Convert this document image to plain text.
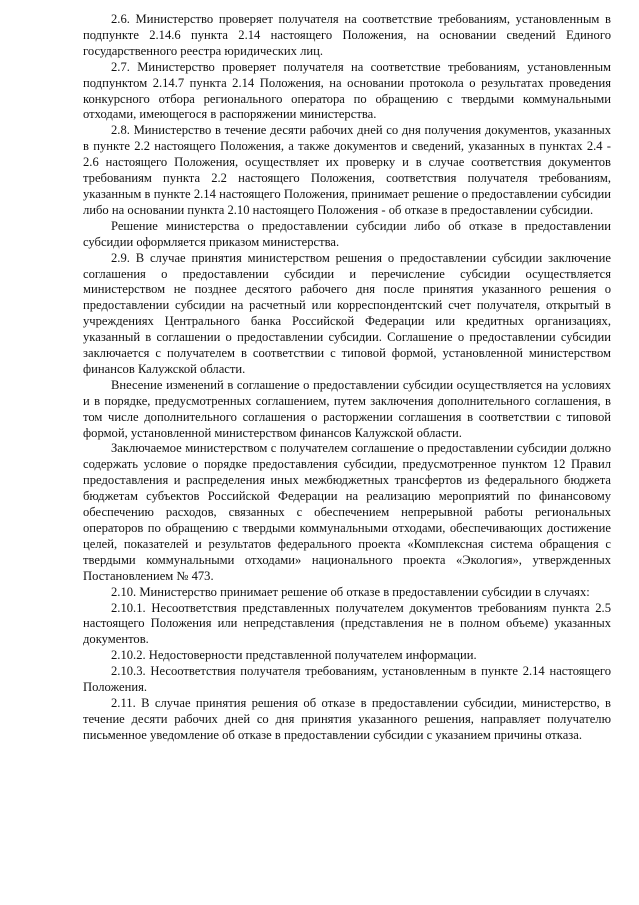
2.6. Министерство проверяет получателя на соответствие требованиям, установленным в подпункте 2.14.6 пункта 2.14 настоящего Положения, на основании сведений Единого государственного реестра юридических лиц.

2.7. Министерство проверяет получателя на соответствие требованиям, установленным подпунктом 2.14.7 пункта 2.14 Положения, на основании протокола о результатах проведения конкурсного отбора регионального оператора по обращению с твердыми коммунальными отходами, имеющегося в распоряжении министерства.

2.8. Министерство в течение десяти рабочих дней со дня получения документов, указанных в пункте 2.2 настоящего Положения, а также документов и сведений, указанных в пунктах 2.4 - 2.6 настоящего Положения, осуществляет их проверку и в случае соответствия документов требованиям пункта 2.2 настоящего Положения, соответствия получателя требованиям, указанным в пункте 2.14 настоящего Положения, принимает решение о предоставлении субсидии либо на основании пункта 2.10 настоящего Положения - об отказе в предоставлении субсидии.

Решение министерства о предоставлении субсидии либо об отказе в предоставлении субсидии оформляется приказом министерства.

2.9. В случае принятия министерством решения о предоставлении субсидии заключение соглашения о предоставлении субсидии и перечисление субсидии осуществляется министерством не позднее десятого рабочего дня после принятия указанного решения о предоставлении субсидии на расчетный или корреспондентский счет получателя, открытый в учреждениях Центрального банка Российской Федерации или кредитных организациях, указанный в соглашении о предоставлении субсидии. Соглашение о предоставлении субсидии заключается с получателем в соответствии с типовой формой, установленной министерством финансов Калужской области.

Внесение изменений в соглашение о предоставлении субсидии осуществляется на условиях и в порядке, предусмотренных соглашением, путем заключения дополнительного соглашения, в том числе дополнительного соглашения о расторжении соглашения в соответствии с типовой формой, установленной министерством финансов Калужской области.

Заключаемое министерством с получателем соглашение о предоставлении субсидии должно содержать условие о порядке предоставления субсидии, предусмотренное пунктом 12 Правил предоставления и распределения иных межбюджетных трансфертов из федерального бюджета бюджетам субъектов Российской Федерации на реализацию мероприятий по финансовому обеспечению расходов, связанных с обеспечением непрерывной работы региональных операторов по обращению с твердыми коммунальными отходами, обеспечивающих достижение целей, показателей и результатов федерального проекта «Комплексная система обращения с твердыми коммунальными отходами» национального проекта «Экология», утвержденных Постановлением № 473.

2.10. Министерство принимает решение об отказе в предоставлении субсидии в случаях:

2.10.1. Несоответствия представленных получателем документов требованиям пункта 2.5 настоящего Положения или непредставления (представления не в полном объеме) указанных документов.

2.10.2. Недостоверности представленной получателем информации.

2.10.3. Несоответствия получателя требованиям, установленным в пункте 2.14 настоящего Положения.

2.11. В случае принятия решения об отказе в предоставлении субсидии, министерство, в течение десяти рабочих дней со дня принятия указанного решения, направляет получателю письменное уведомление об отказе в предоставлении субсидии с указанием причины отказа.
